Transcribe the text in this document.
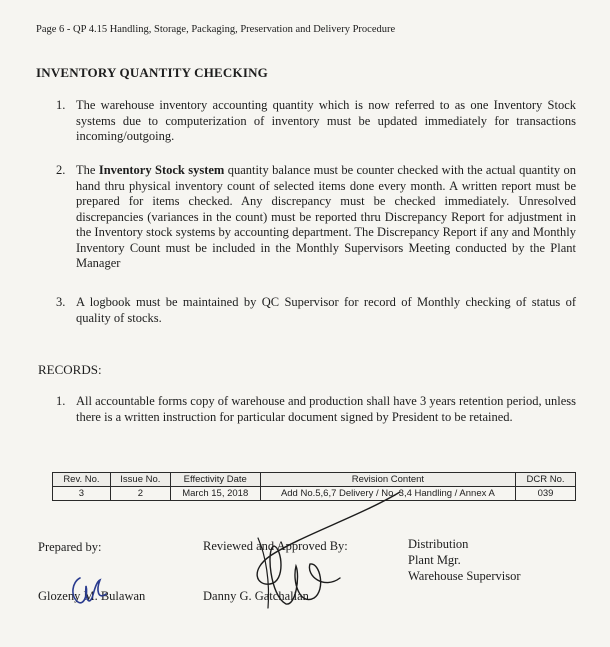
Page 6 - QP 4.15 Handling, Storage, Packaging, Preservation and Delivery Procedure
INVENTORY QUANTITY CHECKING
1. The warehouse inventory accounting quantity which is now referred to as one Inventory Stock systems due to computerization of inventory must be updated immediately for transactions incoming/outgoing.
2. The Inventory Stock system quantity balance must be counter checked with the actual quantity on hand thru physical inventory count of selected items done every month. A written report must be prepared for items checked. Any discrepancy must be checked immediately. Unresolved discrepancies (variances in the count) must be reported thru Discrepancy Report for adjustment in the Inventory stock systems by accounting department. The Discrepancy Report if any and Monthly Inventory Count must be included in the Monthly Supervisors Meeting conducted by the Plant Manager
3. A logbook must be maintained by QC Supervisor for record of Monthly checking of status of quality of stocks.
RECORDS:
1. All accountable forms copy of warehouse and production shall have 3 years retention period, unless there is a written instruction for particular document signed by President to be retained.
Rev. No.	Issue No.	Effectivity Date	Revision Content	DCR No.
3	2	March 15, 2018	Add No.5,6,7 Delivery / No. 3,4 Handling / Annex A	039
Prepared by:
Glozeny M. Bulawan
Reviewed and Approved By:
Danny G. Gatchalian
Distribution
Plant Mgr.
Warehouse Supervisor
